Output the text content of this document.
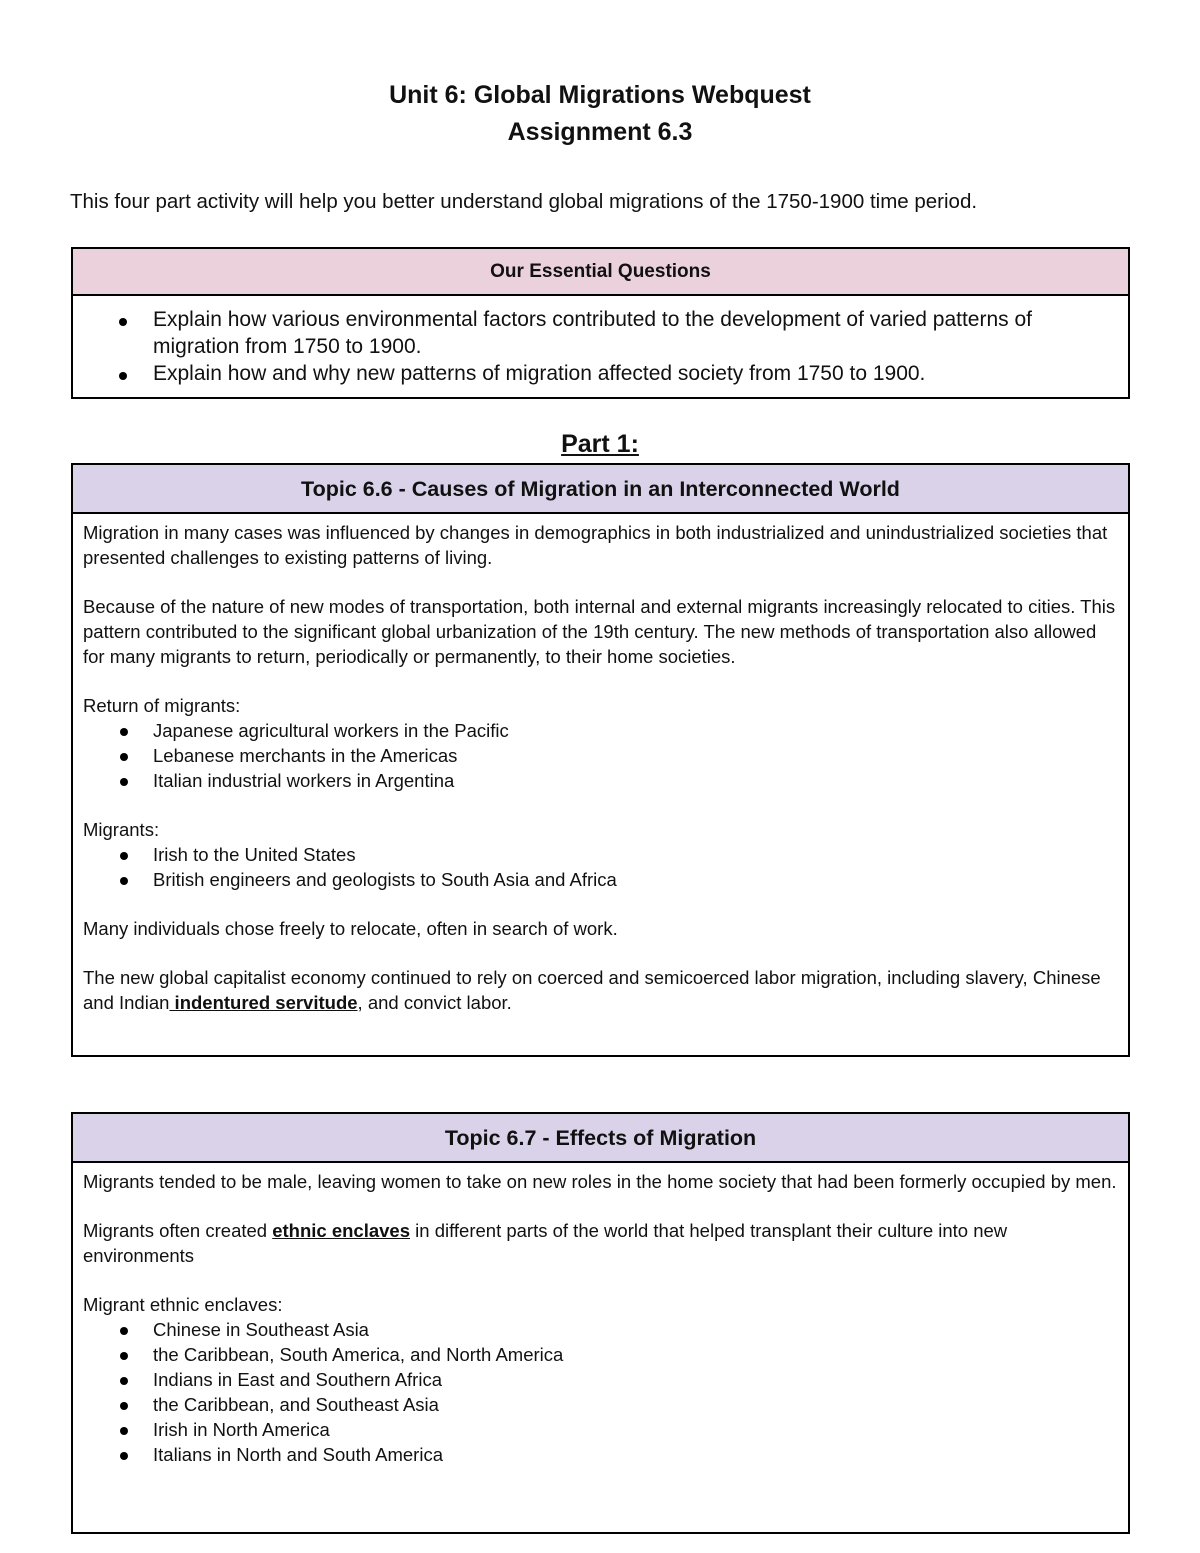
Unit 6: Global Migrations Webquest
Assignment 6.3
This four part activity will help you better understand global migrations of the 1750-1900 time period.
Our Essential Questions
Explain how various environmental factors contributed to the development of varied patterns of migration from 1750 to 1900.
Explain how and why new patterns of migration affected society from 1750 to 1900.
Part 1:
Topic 6.6 - Causes of Migration in an Interconnected World

Migration in many cases was influenced by changes in demographics in both industrialized and unindustrialized societies that presented challenges to existing patterns of living.

Because of the nature of new modes of transportation, both internal and external migrants increasingly relocated to cities. This pattern contributed to the significant global urbanization of the 19th century. The new methods of transportation also allowed for many migrants to return, periodically or permanently, to their home societies.

Return of migrants:

Japanese agricultural workers in the Pacific
Lebanese merchants in the Americas
Italian industrial workers in Argentina

Migrants:

Irish to the United States
British engineers and geologists to South Asia and Africa

Many individuals chose freely to relocate, often in search of work.

The new global capitalist economy continued to rely on coerced and semicoerced labor migration, including slavery, Chinese and Indian indentured servitude, and convict labor.

Topic 6.7 - Effects of Migration

Migrants tended to be male, leaving women to take on new roles in the home society that had been formerly occupied by men.

Migrants often created ethnic enclaves in different parts of the world that helped transplant their culture into new environments

Migrant ethnic enclaves:

Chinese in Southeast Asia
the Caribbean, South America, and North America
Indians in East and Southern Africa
the Caribbean, and Southeast Asia
Irish in North America
Italians in North and South America
